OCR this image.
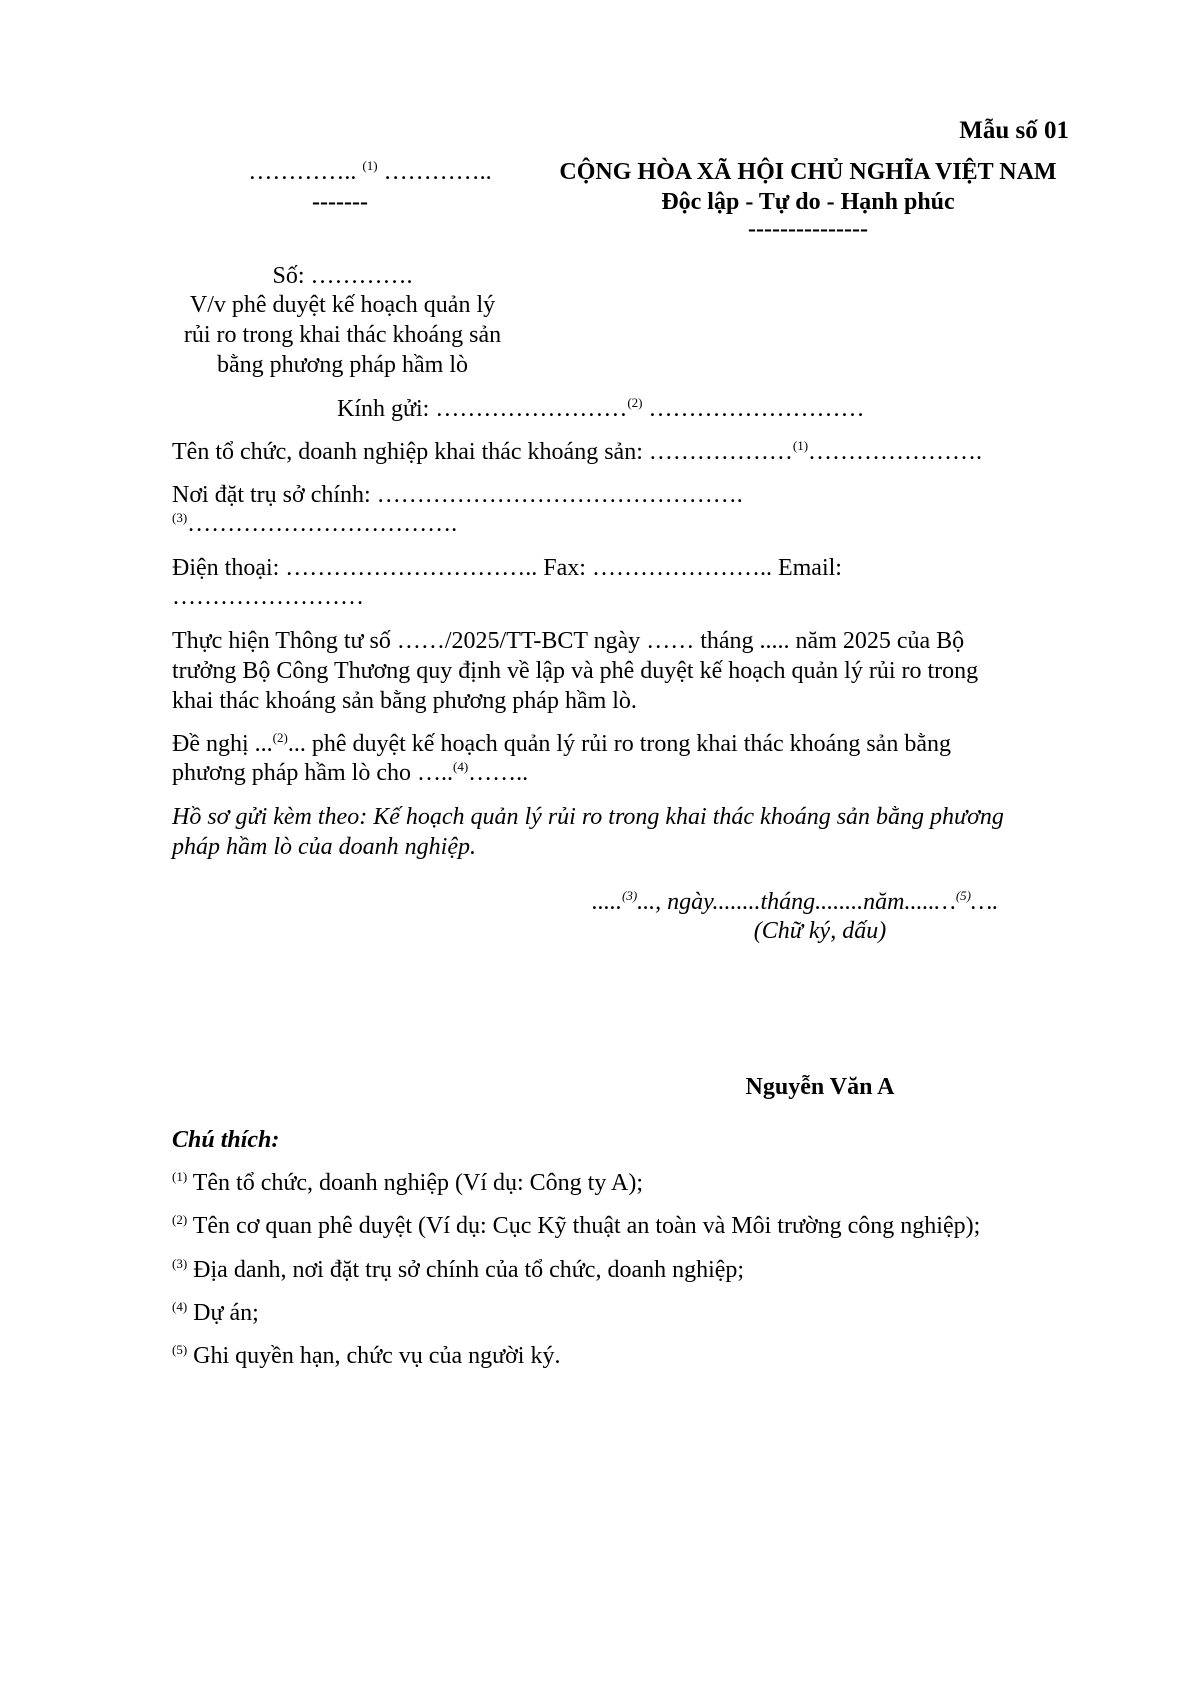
Mẫu số 01
………….. $^{(1)}$ …………..
-------
CỘNG HÒA XÃ HỘI CHỦ NGHĨA VIỆT NAM
Độc lập - Tự do - Hạnh phúc
---------------
Số: ………….
V/v phê duyệt kế hoạch quản lý
rủi ro trong khai thác khoáng sản
bằng phương pháp hầm lò
Kính gửi: ……………………$^{(2)}$ ………………………
Tên tổ chức, doanh nghiệp khai thác khoáng sản: ………………$^{(1)}$………………….
Nơi đặt trụ sở chính: ……………………………………….
$^{(3)}$…………………………….
Điện thoại: ………………………….. Fax: ………………….. Email:
……………………
Thực hiện Thông tư số ……/2025/TT-BCT ngày …… tháng ..... năm 2025 của Bộ
trưởng Bộ Công Thương quy định về lập và phê duyệt kế hoạch quản lý rủi ro trong
khai thác khoáng sản bằng phương pháp hầm lò.
Đề nghị ...$^{(2)}$... phê duyệt kế hoạch quản lý rủi ro trong khai thác khoáng sản bằng
phương pháp hầm lò cho …..$^{(4)}$……..
Hồ sơ gửi kèm theo: Kế hoạch quản lý rủi ro trong khai thác khoáng sản bằng phương
pháp hầm lò của doanh nghiệp.
.....$^{(3)}$..., ngày........tháng........năm.....…$^{(5)}$….
(Chữ ký, dấu)
Nguyễn Văn A
Chú thích:
$^{(1)}$ Tên tổ chức, doanh nghiệp (Ví dụ: Công ty A);
$^{(2)}$ Tên cơ quan phê duyệt (Ví dụ: Cục Kỹ thuật an toàn và Môi trường công nghiệp);
$^{(3)}$ Địa danh, nơi đặt trụ sở chính của tổ chức, doanh nghiệp;
$^{(4)}$ Dự án;
$^{(5)}$ Ghi quyền hạn, chức vụ của người ký.
